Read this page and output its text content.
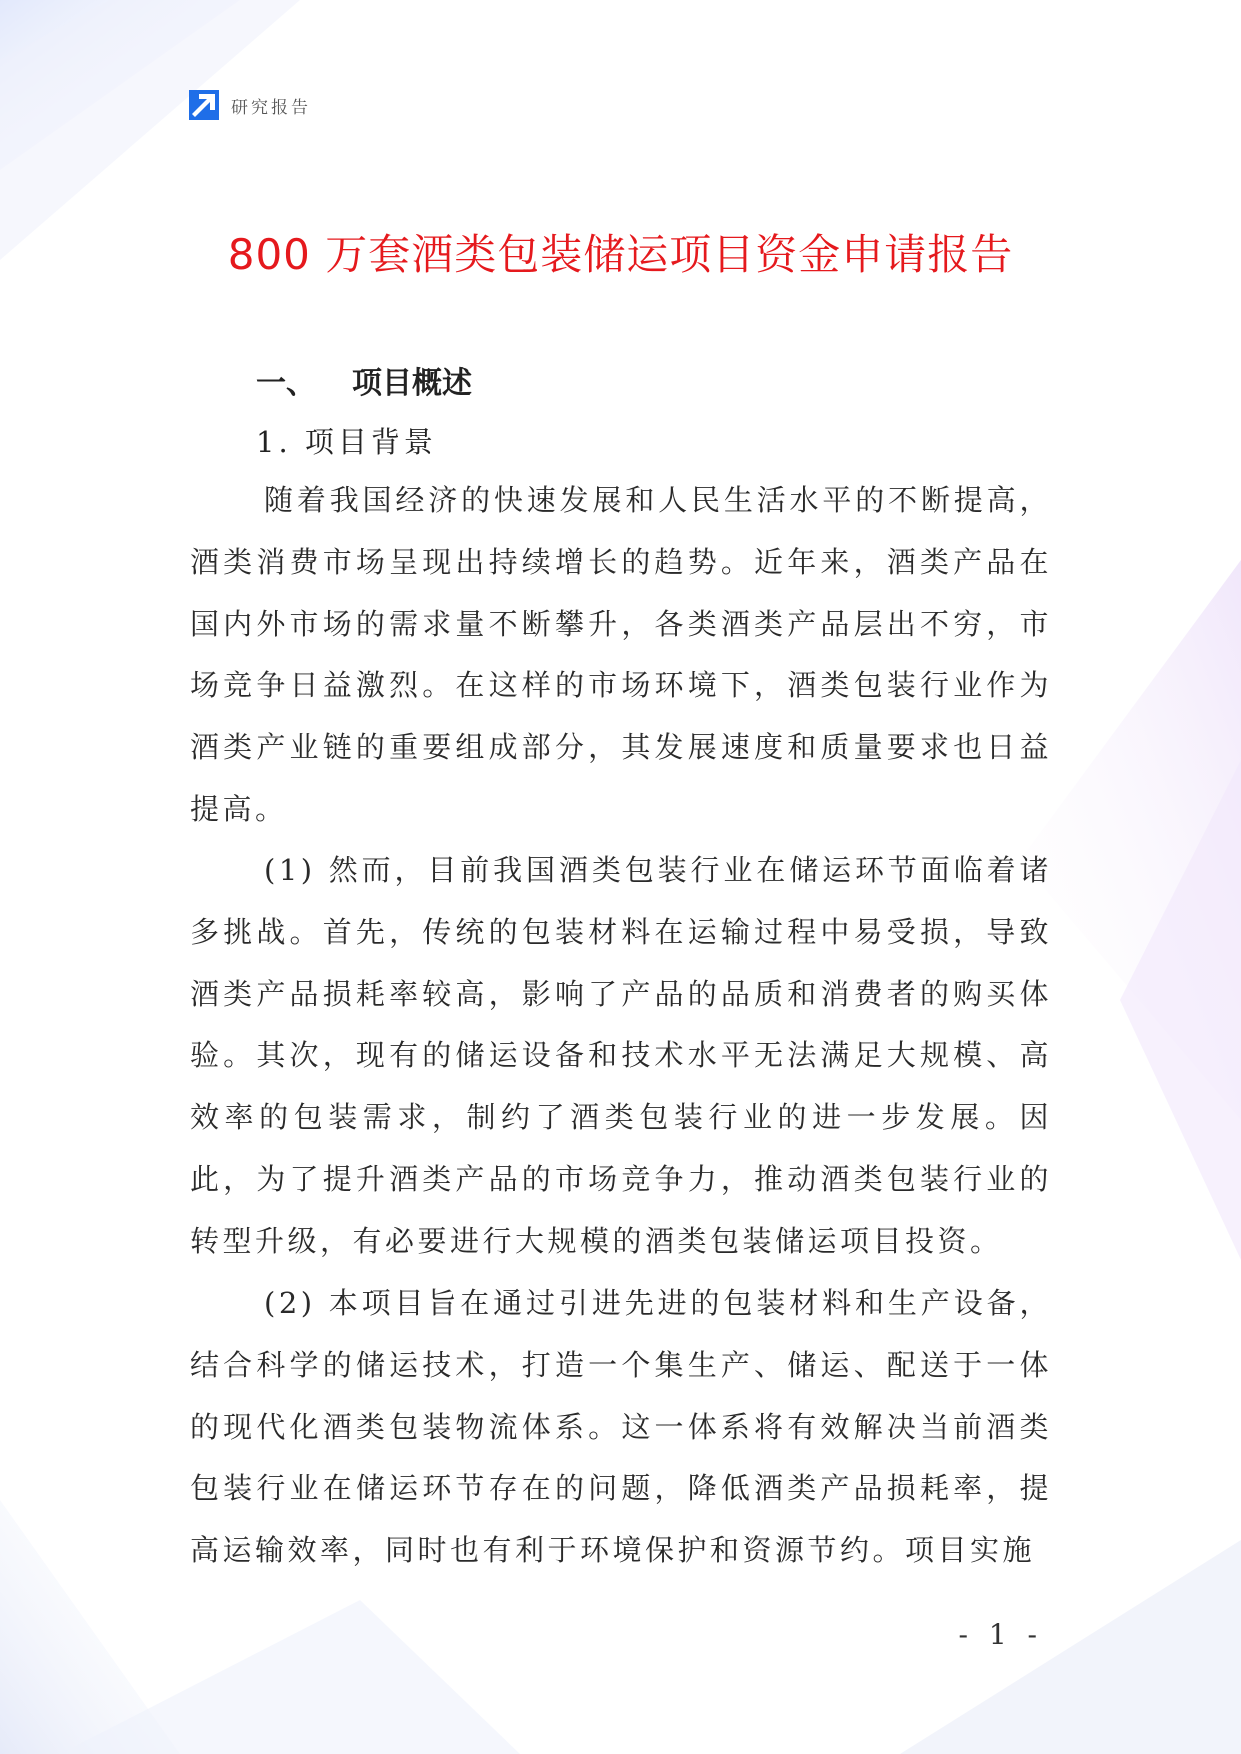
研究报告
800 万套酒类包装储运项目资金申请报告
一、 项目概述
1. 项目背景

随着我国经济的快速发展和人民生活水平的不断提高，酒类消费市场呈现出持续增长的趋势。近年来，酒类产品在国内外市场的需求量不断攀升，各类酒类产品层出不穷，市场竞争日益激烈。在这样的市场环境下，酒类包装行业作为酒类产业链的重要组成部分，其发展速度和质量要求也日益提高。

(1) 然而，目前我国酒类包装行业在储运环节面临着诸多挑战。首先，传统的包装材料在运输过程中易受损，导致酒类产品损耗率较高，影响了产品的品质和消费者的购买体验。其次，现有的储运设备和技术水平无法满足大规模、高效率的包装需求，制约了酒类包装行业的进一步发展。因此，为了提升酒类产品的市场竞争力，推动酒类包装行业的转型升级，有必要进行大规模的酒类包装储运项目投资。

(2) 本项目旨在通过引进先进的包装材料和生产设备，结合科学的储运技术，打造一个集生产、储运、配送于一体的现代化酒类包装物流体系。这一体系将有效解决当前酒类包装行业在储运环节存在的问题，降低酒类产品损耗率，提高运输效率，同时也有利于环境保护和资源节约。项目实施

- 1 -
